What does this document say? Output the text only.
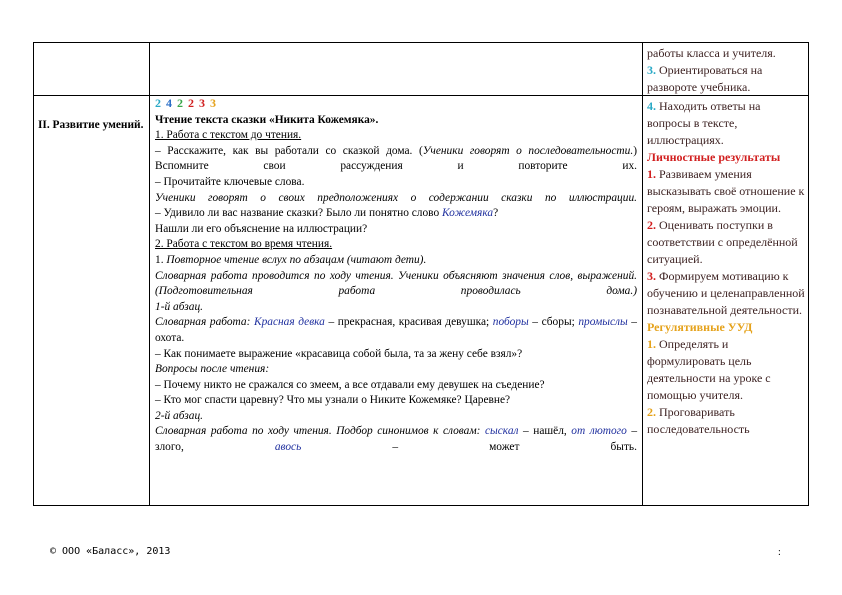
II. Развитие умений.

2 4 2 2 3 3

Чтение текста сказки «Никита Кожемяка».

1. Работа с текстом до чтения.

– Расскажите, как вы работали со сказкой дома. (Ученики говорят о последовательности.) Вспомните свои рассуждения и повторите их.

– Прочитайте ключевые слова.

Ученики говорят о своих предположениях о содержании сказки по иллюстрации.

– Удивило ли вас название сказки? Было ли понятно слово Кожемяка?

Нашли ли его объяснение на иллюстрации?

2. Работа с текстом во время чтения.

1. Повторное чтение вслух по абзацам (читают дети).

Словарная работа проводится по ходу чтения. Ученики объясняют значения слов, выражений. (Подготовительная работа проводилась дома.)

1-й абзац.

Словарная работа: Красная девка – прекрасная, красивая девушка; поборы – сборы; промыслы – охота.

– Как понимаете выражение «красавица собой была, та за жену себе взял»?

Вопросы после чтения:

– Почему никто не сражался со змеем, а все отдавали ему девушек на съедение?

– Кто мог спасти царевну? Что мы узнали о Никите Кожемяке? Царевне?

2-й абзац.

Словарная работа по ходу чтения. Подбор синонимов к словам: сыскал – нашёл, от лютого – злого, авось – может быть.

работы класса и учителя.

3. Ориентироваться на развороте учебника.

4. Находить ответы на вопросы в тексте, иллюстрациях.

Личностные результаты

1. Развиваем умения высказывать своё отношение к героям, выражать эмоции.

2. Оценивать поступки в соответствии с определённой ситуацией.

3. Формируем мотивацию к обучению и целенаправленной познавательной деятельности.

Регулятивные УУД

1. Определять и формулировать цель деятельности на уроке с помощью учителя.

2. Проговаривать последовательность

© ООО «Баласс», 2013	:
